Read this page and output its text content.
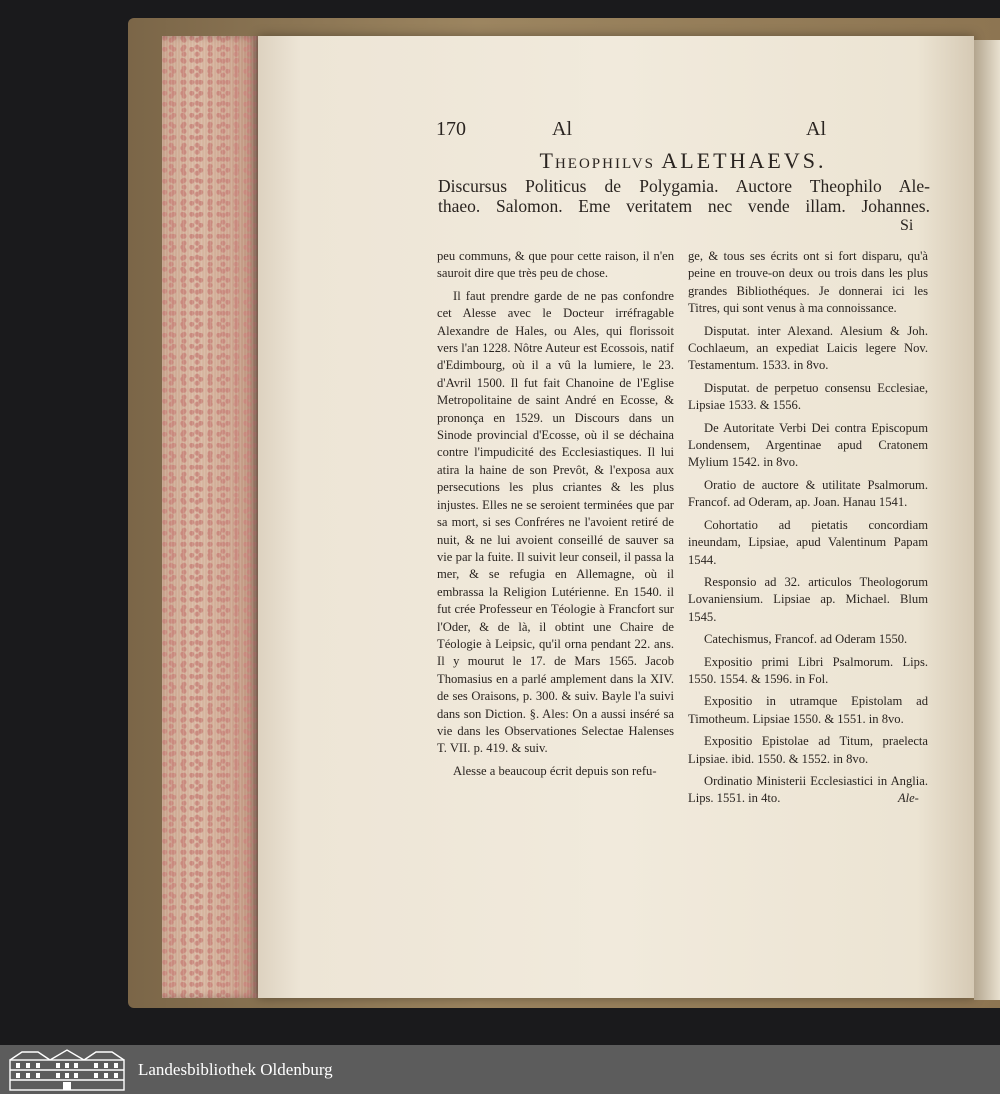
170	Al	Al
Theophilvs ALETHAEVS.
Discursus Politicus de Polygamia. Auctore Theophilo Ale-
thaeo. Salomon. Eme veritatem nec vende illam. Johannes.
Si

peu communs, & que pour cette raison, il n'en sauroit dire que très peu de chose.

Il faut prendre garde de ne pas confondre cet Alesse avec le Docteur irréfragable Alexandre de Hales, ou Ales, qui florissoit vers l'an 1228. Nôtre Auteur est Ecossois, natif d'Edimbourg, où il a vû la lumiere, le 23. d'Avril 1500. Il fut fait Chanoine de l'Eglise Metropolitaine de saint André en Ecosse, & prononça en 1529. un Discours dans un Sinode provincial d'Ecosse, où il se déchaina contre l'impudicité des Ecclesiastiques. Il lui atira la haine de son Prevôt, & l'exposa aux persecutions les plus criantes & les plus injustes. Elles ne se seroient terminées que par sa mort, si ses Confréres ne l'avoient retiré de nuit, & ne lui avoient conseillé de sauver sa vie par la fuite. Il suivit leur conseil, il passa la mer, & se refugia en Allemagne, où il embrassa la Religion Lutérienne. En 1540. il fut crée Professeur en Téologie à Francfort sur l'Oder, & de là, il obtint une Chaire de Téologie à Leipsic, qu'il orna pendant 22. ans. Il y mourut le 17. de Mars 1565. Jacob Thomasius en a parlé amplement dans la XIV. de ses Oraisons, p. 300. & suiv. Bayle l'a suivi dans son Diction. §. Ales: On a aussi inséré sa vie dans les Observationes Selectae Halenses T. VII. p. 419. & suiv.

Alesse a beaucoup écrit depuis son refu-

ge, & tous ses écrits ont si fort disparu, qu'à peine en trouve-on deux ou trois dans les plus grandes Bibliothéques. Je donnerai ici les Titres, qui sont venus à ma connoissance.

Disputat. inter Alexand. Alesium & Joh. Cochlaeum, an expediat Laicis legere Nov. Testamentum. 1533. in 8vo.

Disputat. de perpetuo consensu Ecclesiae, Lipsiae 1533. & 1556.

De Autoritate Verbi Dei contra Episcopum Londensem, Argentinae apud Cratonem Mylium 1542. in 8vo.

Oratio de auctore & utilitate Psalmorum. Francof. ad Oderam, ap. Joan. Hanau 1541.

Cohortatio ad pietatis concordiam ineundam, Lipsiae, apud Valentinum Papam 1544.

Responsio ad 32. articulos Theologorum Lovaniensium. Lipsiae ap. Michael. Blum 1545.

Catechismus, Francof. ad Oderam 1550.

Expositio primi Libri Psalmorum. Lips. 1550. 1554. & 1596. in Fol.

Expositio in utramque Epistolam ad Timotheum. Lipsiae 1550. & 1551. in 8vo.

Expositio Epistolae ad Titum, praelecta Lipsiae. ibid. 1550. & 1552. in 8vo.

Ordinatio Ministerii Ecclesiastici in Anglia. Lips. 1551. in 4to.	Ale-
Landesbibliothek Oldenburg
